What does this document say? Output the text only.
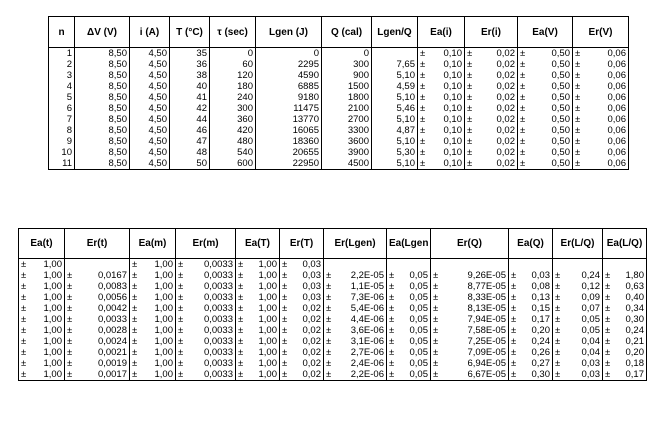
n	ΔV (V)	i (A)	T (°C)	τ (sec)	Lgen (J)	Q (cal)	Lgen/Q	Ea(i)	Er(i)	Ea(V)	Er(V)
1	8,50	4,50	35	0	0	0		± 0,10	± 0,02	± 0,50	± 0,06

2	8,50	4,50	36	60	2295	300	7,65	± 0,10	± 0,02	± 0,50	± 0,06

3	8,50	4,50	38	120	4590	900	5,10	± 0,10	± 0,02	± 0,50	± 0,06

4	8,50	4,50	40	180	6885	1500	4,59	± 0,10	± 0,02	± 0,50	± 0,06

5	8,50	4,50	41	240	9180	1800	5,10	± 0,10	± 0,02	± 0,50	± 0,06

6	8,50	4,50	42	300	11475	2100	5,46	± 0,10	± 0,02	± 0,50	± 0,06

7	8,50	4,50	44	360	13770	2700	5,10	± 0,10	± 0,02	± 0,50	± 0,06

8	8,50	4,50	46	420	16065	3300	4,87	± 0,10	± 0,02	± 0,50	± 0,06

9	8,50	4,50	47	480	18360	3600	5,10	± 0,10	± 0,02	± 0,50	± 0,06

10	8,50	4,50	48	540	20655	3900	5,30	± 0,10	± 0,02	± 0,50	± 0,06

11	8,50	4,50	50	600	22950	4500	5,10	± 0,10	± 0,02	± 0,50	± 0,06
Ea(t)	Er(t)	Ea(m)	Er(m)	Ea(T)	Er(T)	Er(Lgen)	Ea(Lgen	Er(Q)	Ea(Q)	Er(L/Q)	Ea(L/Q)

± 1,00		± 1,00	± 0,0033	± 1,00	± 0,03						

± 1,00	± 0,0167	± 1,00	± 0,0033	± 1,00	± 0,03	± 2,2E-05	± 0,05	± 9,26E-05	± 0,03	± 0,24	± 1,80

± 1,00	± 0,0083	± 1,00	± 0,0033	± 1,00	± 0,03	± 1,1E-05	± 0,05	± 8,77E-05	± 0,08	± 0,12	± 0,63

± 1,00	± 0,0056	± 1,00	± 0,0033	± 1,00	± 0,03	± 7,3E-06	± 0,05	± 8,33E-05	± 0,13	± 0,09	± 0,40

± 1,00	± 0,0042	± 1,00	± 0,0033	± 1,00	± 0,02	± 5,4E-06	± 0,05	± 8,13E-05	± 0,15	± 0,07	± 0,34

± 1,00	± 0,0033	± 1,00	± 0,0033	± 1,00	± 0,02	± 4,4E-06	± 0,05	± 7,94E-05	± 0,17	± 0,05	± 0,30

± 1,00	± 0,0028	± 1,00	± 0,0033	± 1,00	± 0,02	± 3,6E-06	± 0,05	± 7,58E-05	± 0,20	± 0,05	± 0,24

± 1,00	± 0,0024	± 1,00	± 0,0033	± 1,00	± 0,02	± 3,1E-06	± 0,05	± 7,25E-05	± 0,24	± 0,04	± 0,21

± 1,00	± 0,0021	± 1,00	± 0,0033	± 1,00	± 0,02	± 2,7E-06	± 0,05	± 7,09E-05	± 0,26	± 0,04	± 0,20

± 1,00	± 0,0019	± 1,00	± 0,0033	± 1,00	± 0,02	± 2,4E-06	± 0,05	± 6,94E-05	± 0,27	± 0,03	± 0,18

± 1,00	± 0,0017	± 1,00	± 0,0033	± 1,00	± 0,02	± 2,2E-06	± 0,05	± 6,67E-05	± 0,30	± 0,03	± 0,17
